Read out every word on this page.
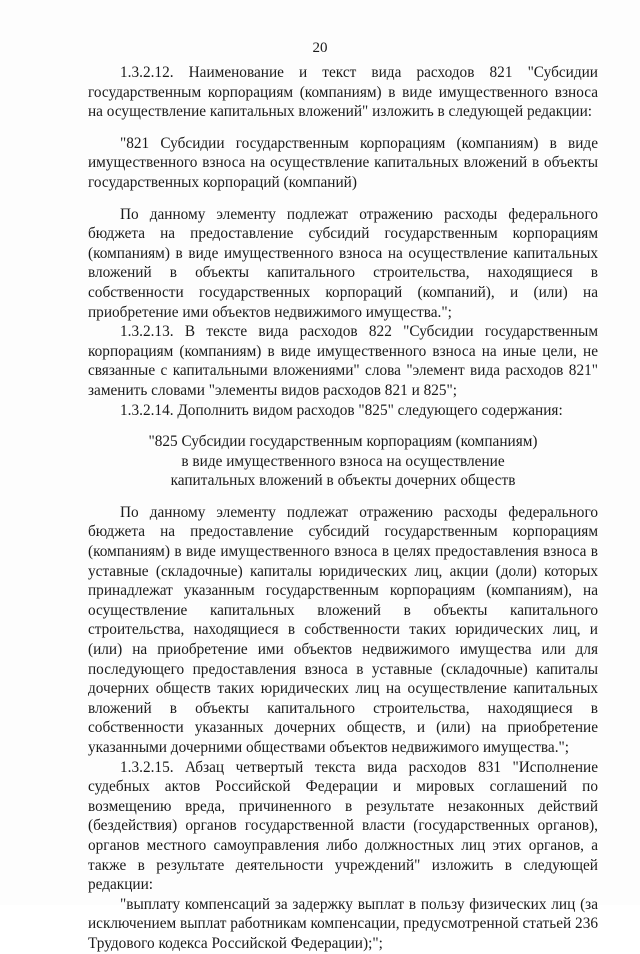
20

1.3.2.12. Наименование и текст вида расходов 821 "Субсидии государственным корпорациям (компаниям) в виде имущественного взноса на осуществление капитальных вложений" изложить в следующей редакции:

"821 Субсидии государственным корпорациям (компаниям) в виде имущественного взноса на осуществление капитальных вложений в объекты государственных корпораций (компаний)

По данному элементу подлежат отражению расходы федерального бюджета на предоставление субсидий государственным корпорациям (компаниям) в виде имущественного взноса на осуществление капитальных вложений в объекты капитального строительства, находящиеся в собственности государственных корпораций (компаний), и (или) на приобретение ими объектов недвижимого имущества.";

1.3.2.13. В тексте вида расходов 822 "Субсидии государственным корпорациям (компаниям) в виде имущественного взноса на иные цели, не связанные с капитальными вложениями" слова "элемент вида расходов 821" заменить словами "элементы видов расходов 821 и 825";

1.3.2.14. Дополнить видом расходов "825" следующего содержания:

"825 Субсидии государственным корпорациям (компаниям)
в виде имущественного взноса на осуществление
капитальных вложений в объекты дочерних обществ

По данному элементу подлежат отражению расходы федерального бюджета на предоставление субсидий государственным корпорациям (компаниям) в виде имущественного взноса в целях предоставления взноса в уставные (складочные) капиталы юридических лиц, акции (доли) которых принадлежат указанным государственным корпорациям (компаниям), на осуществление капитальных вложений в объекты капитального строительства, находящиеся в собственности таких юридических лиц, и (или) на приобретение ими объектов недвижимого имущества или для последующего предоставления взноса в уставные (складочные) капиталы дочерних обществ таких юридических лиц на осуществление капитальных вложений в объекты капитального строительства, находящиеся в собственности указанных дочерних обществ, и (или) на приобретение указанными дочерними обществами объектов недвижимого имущества.";

1.3.2.15. Абзац четвертый текста вида расходов 831 "Исполнение судебных актов Российской Федерации и мировых соглашений по возмещению вреда, причиненного в результате незаконных действий (бездействия) органов государственной власти (государственных органов), органов местного самоуправления либо должностных лиц этих органов, а также в результате деятельности учреждений" изложить в следующей редакции:

"выплату компенсаций за задержку выплат в пользу физических лиц (за исключением выплат работникам компенсации, предусмотренной статьей 236 Трудового кодекса Российской Федерации);";
